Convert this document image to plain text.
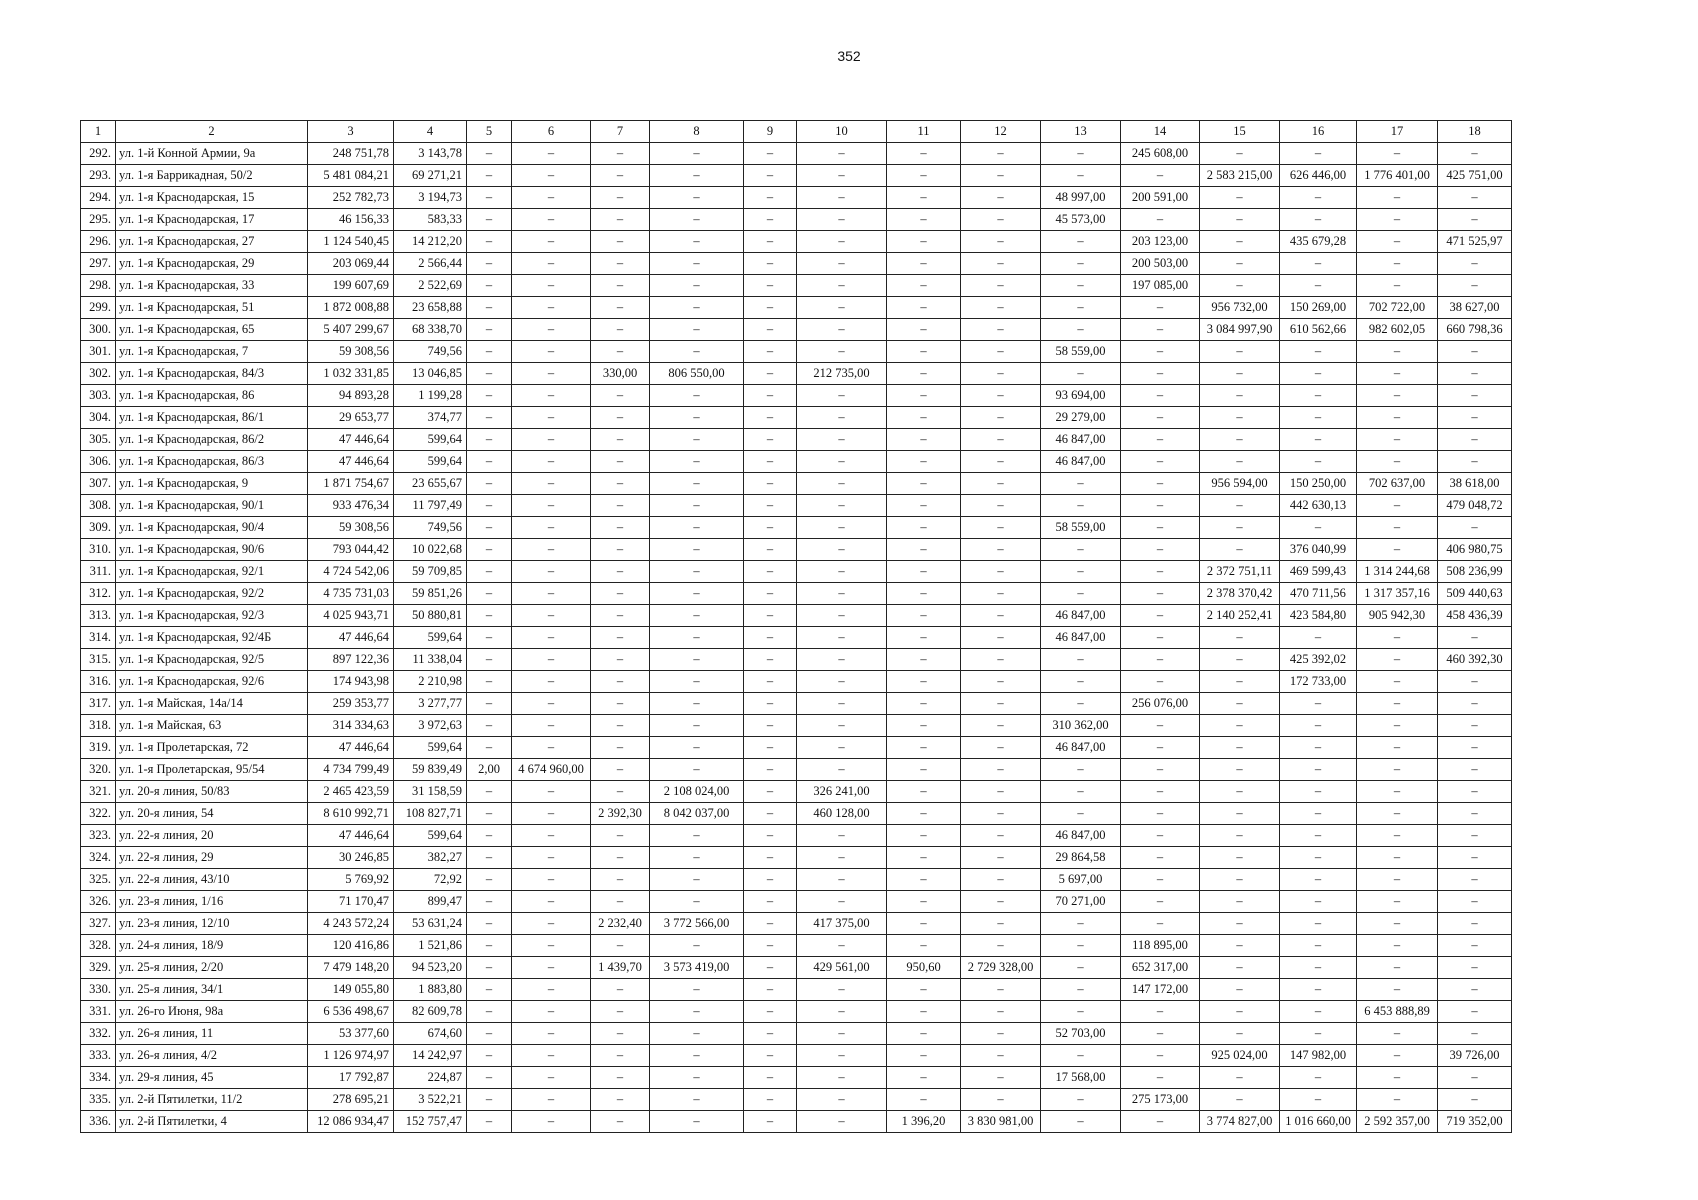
352
1	2	3	4	5	6	7	8	9	10	11	12	13	14	15	16	17	18
292.	ул. 1-й Конной Армии, 9а	248 751,78	3 143,78	–	–	–	–	–	–	–	–	–	245 608,00	–	–	–	–
293.	ул. 1-я Баррикадная, 50/2	5 481 084,21	69 271,21	–	–	–	–	–	–	–	–	–	–	2 583 215,00	626 446,00	1 776 401,00	425 751,00
294.	ул. 1-я Краснодарская, 15	252 782,73	3 194,73	–	–	–	–	–	–	–	–	48 997,00	200 591,00	–	–	–	–
295.	ул. 1-я Краснодарская, 17	46 156,33	583,33	–	–	–	–	–	–	–	–	45 573,00	–	–	–	–	–
296.	ул. 1-я Краснодарская, 27	1 124 540,45	14 212,20	–	–	–	–	–	–	–	–	–	203 123,00	–	435 679,28	–	471 525,97
297.	ул. 1-я Краснодарская, 29	203 069,44	2 566,44	–	–	–	–	–	–	–	–	–	200 503,00	–	–	–	–
298.	ул. 1-я Краснодарская, 33	199 607,69	2 522,69	–	–	–	–	–	–	–	–	–	197 085,00	–	–	–	–
299.	ул. 1-я Краснодарская, 51	1 872 008,88	23 658,88	–	–	–	–	–	–	–	–	–	–	956 732,00	150 269,00	702 722,00	38 627,00
300.	ул. 1-я Краснодарская, 65	5 407 299,67	68 338,70	–	–	–	–	–	–	–	–	–	–	3 084 997,90	610 562,66	982 602,05	660 798,36
301.	ул. 1-я Краснодарская, 7	59 308,56	749,56	–	–	–	–	–	–	–	–	58 559,00	–	–	–	–	–
302.	ул. 1-я Краснодарская, 84/3	1 032 331,85	13 046,85	–	–	330,00	806 550,00	–	212 735,00	–	–	–	–	–	–	–	–
303.	ул. 1-я Краснодарская, 86	94 893,28	1 199,28	–	–	–	–	–	–	–	–	93 694,00	–	–	–	–	–
304.	ул. 1-я Краснодарская, 86/1	29 653,77	374,77	–	–	–	–	–	–	–	–	29 279,00	–	–	–	–	–
305.	ул. 1-я Краснодарская, 86/2	47 446,64	599,64	–	–	–	–	–	–	–	–	46 847,00	–	–	–	–	–
306.	ул. 1-я Краснодарская, 86/3	47 446,64	599,64	–	–	–	–	–	–	–	–	46 847,00	–	–	–	–	–
307.	ул. 1-я Краснодарская, 9	1 871 754,67	23 655,67	–	–	–	–	–	–	–	–	–	–	956 594,00	150 250,00	702 637,00	38 618,00
308.	ул. 1-я Краснодарская, 90/1	933 476,34	11 797,49	–	–	–	–	–	–	–	–	–	–	–	442 630,13	–	479 048,72
309.	ул. 1-я Краснодарская, 90/4	59 308,56	749,56	–	–	–	–	–	–	–	–	58 559,00	–	–	–	–	–
310.	ул. 1-я Краснодарская, 90/6	793 044,42	10 022,68	–	–	–	–	–	–	–	–	–	–	–	376 040,99	–	406 980,75
311.	ул. 1-я Краснодарская, 92/1	4 724 542,06	59 709,85	–	–	–	–	–	–	–	–	–	–	2 372 751,11	469 599,43	1 314 244,68	508 236,99
312.	ул. 1-я Краснодарская, 92/2	4 735 731,03	59 851,26	–	–	–	–	–	–	–	–	–	–	2 378 370,42	470 711,56	1 317 357,16	509 440,63
313.	ул. 1-я Краснодарская, 92/3	4 025 943,71	50 880,81	–	–	–	–	–	–	–	–	46 847,00	–	2 140 252,41	423 584,80	905 942,30	458 436,39
314.	ул. 1-я Краснодарская, 92/4Б	47 446,64	599,64	–	–	–	–	–	–	–	–	46 847,00	–	–	–	–	–
315.	ул. 1-я Краснодарская, 92/5	897 122,36	11 338,04	–	–	–	–	–	–	–	–	–	–	–	425 392,02	–	460 392,30
316.	ул. 1-я Краснодарская, 92/6	174 943,98	2 210,98	–	–	–	–	–	–	–	–	–	–	–	172 733,00	–	–
317.	ул. 1-я Майская, 14а/14	259 353,77	3 277,77	–	–	–	–	–	–	–	–	–	256 076,00	–	–	–	–
318.	ул. 1-я Майская, 63	314 334,63	3 972,63	–	–	–	–	–	–	–	–	310 362,00	–	–	–	–	–
319.	ул. 1-я Пролетарская, 72	47 446,64	599,64	–	–	–	–	–	–	–	–	46 847,00	–	–	–	–	–
320.	ул. 1-я Пролетарская, 95/54	4 734 799,49	59 839,49	2,00	4 674 960,00	–	–	–	–	–	–	–	–	–	–	–	–
321.	ул. 20-я линия, 50/83	2 465 423,59	31 158,59	–	–	–	2 108 024,00	–	326 241,00	–	–	–	–	–	–	–	–
322.	ул. 20-я линия, 54	8 610 992,71	108 827,71	–	–	2 392,30	8 042 037,00	–	460 128,00	–	–	–	–	–	–	–	–
323.	ул. 22-я линия, 20	47 446,64	599,64	–	–	–	–	–	–	–	–	46 847,00	–	–	–	–	–
324.	ул. 22-я линия, 29	30 246,85	382,27	–	–	–	–	–	–	–	–	29 864,58	–	–	–	–	–
325.	ул. 22-я линия, 43/10	5 769,92	72,92	–	–	–	–	–	–	–	–	5 697,00	–	–	–	–	–
326.	ул. 23-я линия, 1/16	71 170,47	899,47	–	–	–	–	–	–	–	–	70 271,00	–	–	–	–	–
327.	ул. 23-я линия, 12/10	4 243 572,24	53 631,24	–	–	2 232,40	3 772 566,00	–	417 375,00	–	–	–	–	–	–	–	–
328.	ул. 24-я линия, 18/9	120 416,86	1 521,86	–	–	–	–	–	–	–	–	–	118 895,00	–	–	–	–
329.	ул. 25-я линия, 2/20	7 479 148,20	94 523,20	–	–	1 439,70	3 573 419,00	–	429 561,00	950,60	2 729 328,00	–	652 317,00	–	–	–	–
330.	ул. 25-я линия, 34/1	149 055,80	1 883,80	–	–	–	–	–	–	–	–	–	147 172,00	–	–	–	–
331.	ул. 26-го Июня, 98а	6 536 498,67	82 609,78	–	–	–	–	–	–	–	–	–	–	–	–	6 453 888,89	–
332.	ул. 26-я линия, 11	53 377,60	674,60	–	–	–	–	–	–	–	–	52 703,00	–	–	–	–	–
333.	ул. 26-я линия, 4/2	1 126 974,97	14 242,97	–	–	–	–	–	–	–	–	–	–	925 024,00	147 982,00	–	39 726,00
334.	ул. 29-я линия, 45	17 792,87	224,87	–	–	–	–	–	–	–	–	17 568,00	–	–	–	–	–
335.	ул. 2-й Пятилетки, 11/2	278 695,21	3 522,21	–	–	–	–	–	–	–	–	–	275 173,00	–	–	–	–
336.	ул. 2-й Пятилетки, 4	12 086 934,47	152 757,47	–	–	–	–	–	–	1 396,20	3 830 981,00	–	–	3 774 827,00	1 016 660,00	2 592 357,00	719 352,00
